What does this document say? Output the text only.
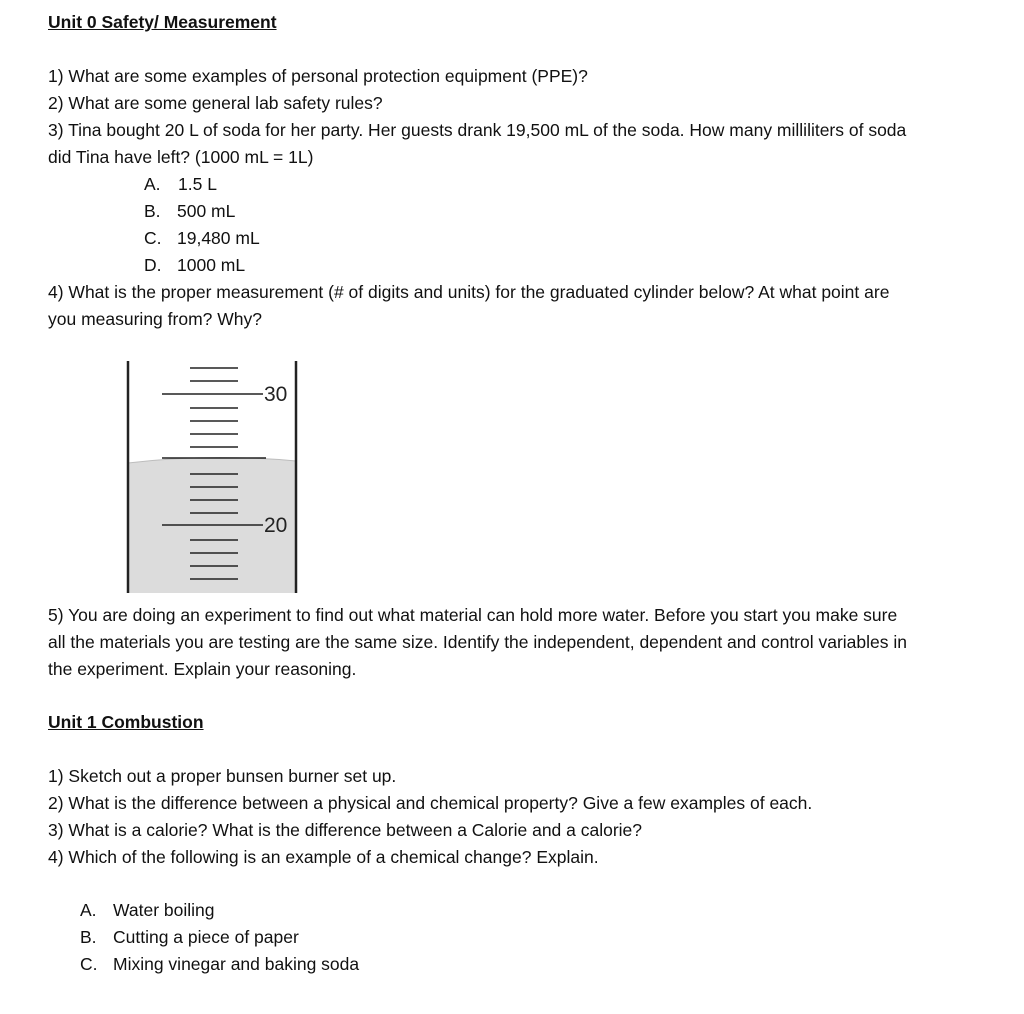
Unit 0 Safety/ Measurement
1) What are some examples of personal protection equipment (PPE)?
2) What are some general lab safety rules?
3) Tina bought 20 L of soda for her party. Her guests drank 19,500 mL of the soda. How many milliliters of soda
did Tina have left? (1000 mL = 1L)
A. 1.5 L
B. 500 mL
C. 19,480 mL
D. 1000 mL
4) What is the proper measurement (# of digits and units) for the graduated cylinder below? At what point are
you measuring from? Why?
30
20
5) You are doing an experiment to find out what material can hold more water. Before you start you make sure
all the materials you are testing are the same size. Identify the independent, dependent and control variables in
the experiment. Explain your reasoning.
Unit 1 Combustion
1) Sketch out a proper bunsen burner set up.
2) What is the difference between a physical and chemical property? Give a few examples of each.
3) What is a calorie? What is the difference between a Calorie and a calorie?
4) Which of the following is an example of a chemical change? Explain.
A. Water boiling
B. Cutting a piece of paper
C. Mixing vinegar and baking soda
